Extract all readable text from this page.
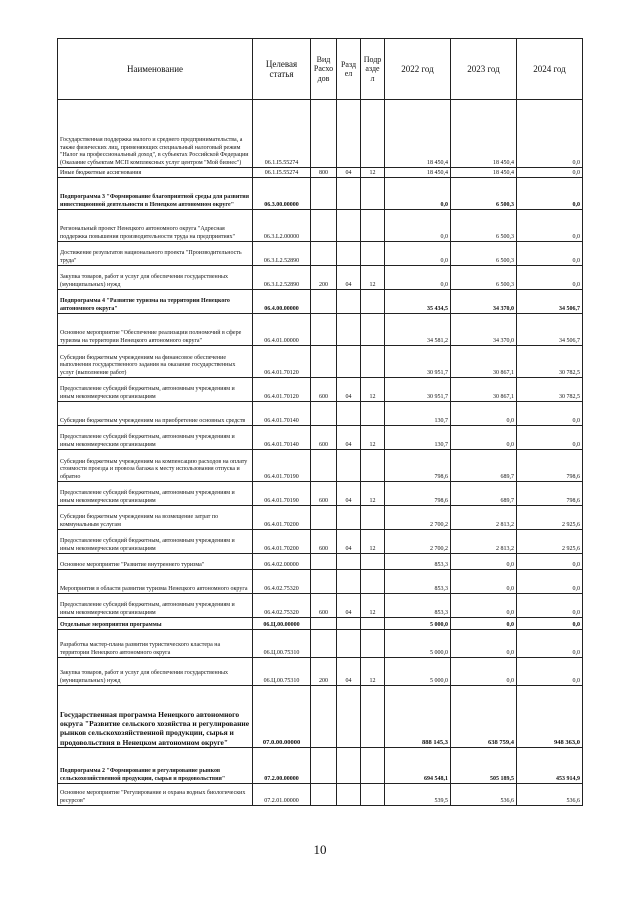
Наименование	Целевая статья	Вид Расхо дов	Разд ел	Подр азде л	2022 год	2023 год	2024 год
Государственная поддержка малого и среднего предпринимательства, а также физических лиц, применяющих специальный налоговый режим "Налог на профессиональный доход", в субъектах Российской Федерации (Оказание субъектам МСП комплексных услуг центром "Мой бизнес")	06.1.I5.55274				18 450,4	18 450,4	0,0
Иные бюджетные ассигнования	06.1.I5.55274	800	04	12	18 450,4	18 450,4	0,0
Подпрограмма 3 "Формирование благоприятной среды для развития инвестиционной деятельности в Ненецком автономном округе"	06.3.00.00000				0,0	6 500,3	0,0
Региональный проект Ненецкого автономного округа "Адресная поддержка повышения производительности труда на предприятиях"	06.3.L2.00000				0,0	6 500,3	0,0
Достижение результатов национального проекта "Производительность труда"	06.3.L2.52890				0,0	6 500,3	0,0
Закупка товаров, работ и услуг для обеспечения государственных (муниципальных) нужд	06.3.L2.52890	200	04	12	0,0	6 500,3	0,0
Подпрограмма 4 "Развитие туризма на территории Ненецкого автономного округа"	06.4.00.00000				35 434,5	34 370,0	34 506,7
Основное мероприятие "Обеспечение реализации полномочий в сфере туризма на территории Ненецкого автономного округа"	06.4.01.00000				34 581,2	34 370,0	34 506,7
Субсидии бюджетным учреждениям на финансовое обеспечение выполнения государственного задания на оказание государственных услуг (выполнение работ)	06.4.01.70120				30 951,7	30 867,1	30 782,5
Предоставление субсидий бюджетным, автономным учреждениям и иным некоммерческим организациям	06.4.01.70120	600	04	12	30 951,7	30 867,1	30 782,5
Субсидии бюджетным учреждениям на приобретение основных средств	06.4.01.70140				130,7	0,0	0,0
Предоставление субсидий бюджетным, автономным учреждениям и иным некоммерческим организациям	06.4.01.70140	600	04	12	130,7	0,0	0,0
Субсидии бюджетным учреждениям на компенсацию расходов на оплату стоимости проезда и провоза багажа к месту использования отпуска и обратно	06.4.01.70190				798,6	689,7	798,6
Предоставление субсидий бюджетным, автономным учреждениям и иным некоммерческим организациям	06.4.01.70190	600	04	12	798,6	689,7	798,6
Субсидии бюджетным учреждениям на возмещение затрат по коммунальным услугам	06.4.01.70200				2 700,2	2 813,2	2 925,6
Предоставление субсидий бюджетным, автономным учреждениям и иным некоммерческим организациям	06.4.01.70200	600	04	12	2 700,2	2 813,2	2 925,6
Основное мероприятие "Развитие внутреннего туризма"	06.4.02.00000				853,3	0,0	0,0
Мероприятия в области развития туризма Ненецкого автономного округа	06.4.02.75320				853,3	0,0	0,0
Предоставление субсидий бюджетным, автономным учреждениям и иным некоммерческим организациям	06.4.02.75320	600	04	12	853,3	0,0	0,0
Отдельные мероприятия программы	06.Ц.00.00000				5 000,0	0,0	0,0
Разработка мастер-плана развития туристического кластера на территории Ненецкого автономного округа	06.Ц.00.75310				5 000,0	0,0	0,0
Закупка товаров, работ и услуг для обеспечения государственных (муниципальных) нужд	06.Ц.00.75310	200	04	12	5 000,0	0,0	0,0
Государственная программа Ненецкого автономного округа "Развитие сельского хозяйства и регулирование рынков сельскохозяйственной продукции, сырья и продовольствия в Ненецком автономном округе"	07.0.00.00000				888 145,3	638 759,4	948 363,0
Подпрограмма 2 "Формирование и регулирование рынков сельскохозяйственной продукции, сырья и продовольствия"	07.2.00.00000				694 548,1	505 189,5	453 914,9
Основное мероприятие "Регулирование и охрана водных биологических ресурсов"	07.2.01.00000				539,5	536,6	536,6
10
